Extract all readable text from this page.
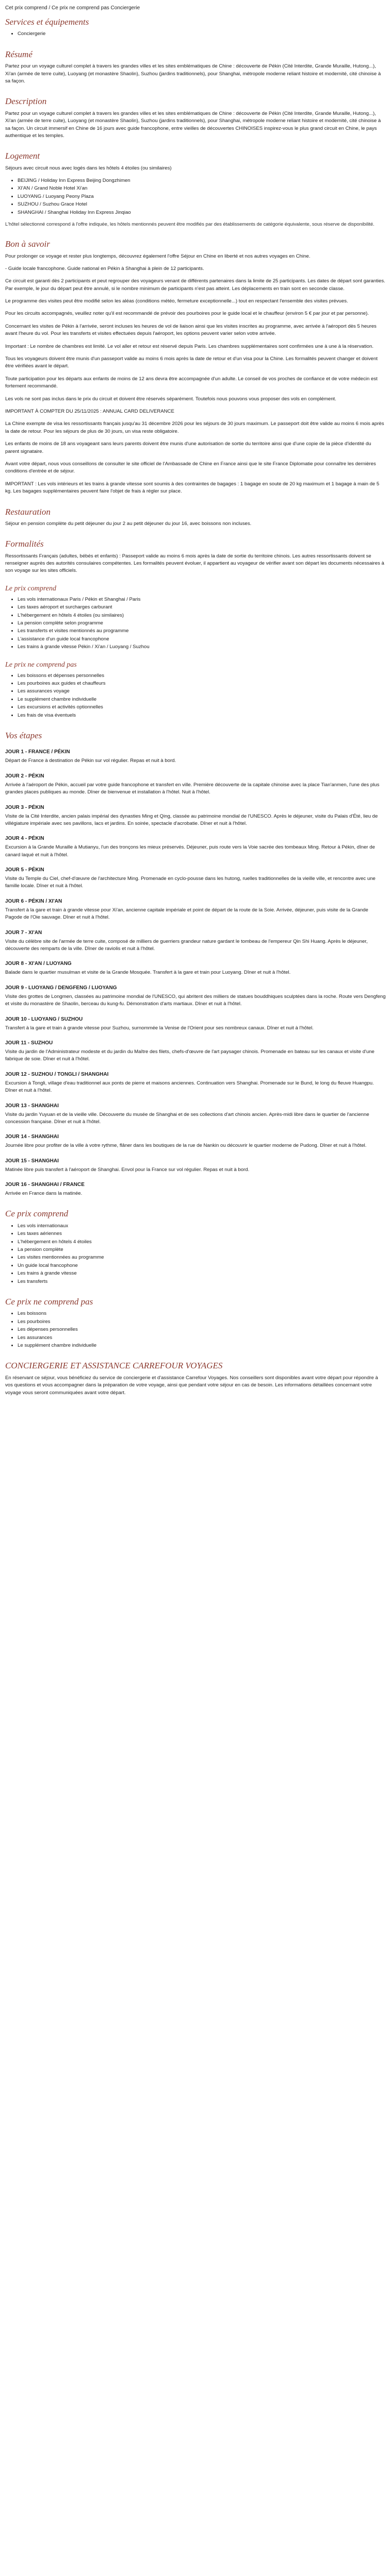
Cet prix comprend / Ce prix ne comprend pas Conciergerie

Services et équipements
• Conciergerie
Résumé

Partez pour un voyage culturel complet à travers les grandes villes et les sites emblématiques de Chine : découverte de Pékin (Cité Interdite, Grande Muraille, Hutong...), Xi'an (armée de terre cuite), Luoyang (et monastère Shaolin), Suzhou (jardins traditionnels), pour Shanghai, métropole moderne reliant histoire et modernité, cité chinoise à sa façon.

Description

Partez pour un voyage culturel complet à travers les grandes villes et les sites emblématiques de Chine : découverte de Pékin (Cité Interdite, Grande Muraille, Hutong...), Xi'an (armée de terre cuite), Luoyang (et monastère Shaolin), Suzhou (jardins traditionnels), pour Shanghai, métropole moderne reliant histoire et modernité, cité chinoise à sa façon. Un circuit immersif en Chine de 16 jours avec guide francophone, entre vieilles de découvertes CHINOISES inspirez-vous le plus grand circuit en Chine, le pays authentique et les temples.

Logement

Séjours avec circuit nous avec logés dans les hôtels 4 étoiles (ou similaires)

• BEIJING / Holiday Inn Express Beijing Dongzhimen
• XI'AN / Grand Noble Hotel Xi'an
• LUOYANG / Luoyang Peony Plaza
• SUZHOU / Suzhou Grace Hotel
• SHANGHAI / Shanghai Holiday Inn Express Jinqiao

L'hôtel sélectionné correspond à l'offre indiquée, les hôtels mentionnés peuvent être modifiés par des établissements de catégorie équivalente, sous réserve de disponibilité.

Bon à savoir

Pour prolonger ce voyage et rester plus longtemps, découvrez également l'offre Séjour en Chine en liberté et nos autres voyages en Chine.

- Guide locale francophone. Guide national en Pékin à Shanghai à plein de 12 participants.

Ce circuit est garanti dès 2 participants et peut regrouper des voyageurs venant de différents partenaires dans la limite de 25 participants. Les dates de départ sont garanties. Par exemple, le jour du départ peut être annulé, si le nombre minimum de participants n'est pas atteint. Les déplacements en train sont en seconde classe.

Le programme des visites peut être modifié selon les aléas (conditions météo, fermeture exceptionnelle...) tout en respectant l'ensemble des visites prévues.

Pour les circuits accompagnés, veuillez noter qu'il est recommandé de prévoir des pourboires pour le guide local et le chauffeur (environ 5 € par jour et par personne).

Concernant les visites de Pékin à l'arrivée, seront incluses les heures de vol de liaison ainsi que les visites inscrites au programme, avec arrivée à l'aéroport dès 5 heures avant l'heure du vol. Pour les transferts et visites effectuées depuis l'aéroport, les options peuvent varier selon votre arrivée.

Important : Le nombre de chambres est limité. Le vol aller et retour est réservé depuis Paris. Les chambres supplémentaires sont confirmées une à une à la réservation.

Tous les voyageurs doivent être munis d'un passeport valide au moins 6 mois après la date de retour et d'un visa pour la Chine. Les formalités peuvent changer et doivent être vérifiées avant le départ.

Toute participation pour les départs aux enfants de moins de 12 ans devra être accompagnée d'un adulte. Le conseil de vos proches de confiance et de votre médecin est fortement recommandé.

Les vols ne sont pas inclus dans le prix du circuit et doivent être réservés séparément. Toutefois nous pouvons vous proposer des vols en complément.

IMPORTANT À COMPTER DU 25/11/2025 : ANNUAL CARD DELIVERANCE

La Chine exempte de visa les ressortissants français jusqu'au 31 décembre 2026 pour les séjours de 30 jours maximum. Le passeport doit être valide au moins 6 mois après la date de retour. Pour les séjours de plus de 30 jours, un visa reste obligatoire.

Les enfants de moins de 18 ans voyageant sans leurs parents doivent être munis d'une autorisation de sortie du territoire ainsi que d'une copie de la pièce d'identité du parent signataire.

Avant votre départ, nous vous conseillons de consulter le site officiel de l'Ambassade de Chine en France ainsi que le site France Diplomatie pour connaître les dernières conditions d'entrée et de séjour.

IMPORTANT : Les vols intérieurs et les trains à grande vitesse sont soumis à des contraintes de bagages : 1 bagage en soute de 20 kg maximum et 1 bagage à main de 5 kg. Les bagages supplémentaires peuvent faire l'objet de frais à régler sur place.

Restauration

Séjour en pension complète du petit déjeuner du jour 2 au petit déjeuner du jour 16, avec boissons non incluses.

Formalités

Ressortissants Français (adultes, bébés et enfants) : Passeport valide au moins 6 mois après la date de sortie du territoire chinois. Les autres ressortissants doivent se renseigner auprès des autorités consulaires compétentes. Les formalités peuvent évoluer, il appartient au voyageur de vérifier avant son départ les documents nécessaires à son voyage sur les sites officiels.

Le prix comprend
• Les vols internationaux Paris / Pékin et Shanghai / Paris
• Les taxes aéroport et surcharges carburant
• L'hébergement en hôtels 4 étoiles (ou similaires)
• La pension complète selon programme
• Les transferts et visites mentionnés au programme
• L'assistance d'un guide local francophone
• Les trains à grande vitesse Pékin / Xi'an / Luoyang / Suzhou
Le prix ne comprend pas
• Les boissons et dépenses personnelles
• Les pourboires aux guides et chauffeurs
• Les assurances voyage
• Le supplément chambre individuelle
• Les excursions et activités optionnelles
• Les frais de visa éventuels
Vos étapes
JOUR 1 - FRANCE / PÉKIN

Départ de France à destination de Pékin sur vol régulier. Repas et nuit à bord.

JOUR 2 - PÉKIN

Arrivée à l'aéroport de Pékin, accueil par votre guide francophone et transfert en ville. Première découverte de la capitale chinoise avec la place Tian'anmen, l'une des plus grandes places publiques au monde. Dîner de bienvenue et installation à l'hôtel. Nuit à l'hôtel.

JOUR 3 - PÉKIN

Visite de la Cité Interdite, ancien palais impérial des dynasties Ming et Qing, classée au patrimoine mondial de l'UNESCO. Après le déjeuner, visite du Palais d'Été, lieu de villégiature impériale avec ses pavillons, lacs et jardins. En soirée, spectacle d'acrobatie. Dîner et nuit à l'hôtel.

JOUR 4 - PÉKIN

Excursion à la Grande Muraille à Mutianyu, l'un des tronçons les mieux préservés. Déjeuner, puis route vers la Voie sacrée des tombeaux Ming. Retour à Pékin, dîner de canard laqué et nuit à l'hôtel.

JOUR 5 - PÉKIN

Visite du Temple du Ciel, chef-d'œuvre de l'architecture Ming. Promenade en cyclo-pousse dans les hutong, ruelles traditionnelles de la vieille ville, et rencontre avec une famille locale. Dîner et nuit à l'hôtel.

JOUR 6 - PÉKIN / XI'AN

Transfert à la gare et train à grande vitesse pour Xi'an, ancienne capitale impériale et point de départ de la route de la Soie. Arrivée, déjeuner, puis visite de la Grande Pagode de l'Oie sauvage. Dîner et nuit à l'hôtel.

JOUR 7 - XI'AN

Visite du célèbre site de l'armée de terre cuite, composé de milliers de guerriers grandeur nature gardant le tombeau de l'empereur Qin Shi Huang. Après le déjeuner, découverte des remparts de la ville. Dîner de raviolis et nuit à l'hôtel.

JOUR 8 - XI'AN / LUOYANG

Balade dans le quartier musulman et visite de la Grande Mosquée. Transfert à la gare et train pour Luoyang. Dîner et nuit à l'hôtel.

JOUR 9 - LUOYANG / DENGFENG / LUOYANG

Visite des grottes de Longmen, classées au patrimoine mondial de l'UNESCO, qui abritent des milliers de statues bouddhiques sculptées dans la roche. Route vers Dengfeng et visite du monastère de Shaolin, berceau du kung-fu. Démonstration d'arts martiaux. Dîner et nuit à l'hôtel.

JOUR 10 - LUOYANG / SUZHOU

Transfert à la gare et train à grande vitesse pour Suzhou, surnommée la Venise de l'Orient pour ses nombreux canaux. Dîner et nuit à l'hôtel.

JOUR 11 - SUZHOU

Visite du jardin de l'Administrateur modeste et du jardin du Maître des filets, chefs-d'œuvre de l'art paysager chinois. Promenade en bateau sur les canaux et visite d'une fabrique de soie. Dîner et nuit à l'hôtel.

JOUR 12 - SUZHOU / TONGLI / SHANGHAI

Excursion à Tongli, village d'eau traditionnel aux ponts de pierre et maisons anciennes. Continuation vers Shanghai. Promenade sur le Bund, le long du fleuve Huangpu. Dîner et nuit à l'hôtel.

JOUR 13 - SHANGHAI

Visite du jardin Yuyuan et de la vieille ville. Découverte du musée de Shanghai et de ses collections d'art chinois ancien. Après-midi libre dans le quartier de l'ancienne concession française. Dîner et nuit à l'hôtel.

JOUR 14 - SHANGHAI

Journée libre pour profiter de la ville à votre rythme, flâner dans les boutiques de la rue de Nankin ou découvrir le quartier moderne de Pudong. Dîner et nuit à l'hôtel.

JOUR 15 - SHANGHAI

Matinée libre puis transfert à l'aéroport de Shanghai. Envol pour la France sur vol régulier. Repas et nuit à bord.

JOUR 16 - SHANGHAI / FRANCE

Arrivée en France dans la matinée.

Ce prix comprend
• Les vols internationaux
• Les taxes aériennes
• L'hébergement en hôtels 4 étoiles
• La pension complète
• Les visites mentionnées au programme
• Un guide local francophone
• Les trains à grande vitesse
• Les transferts
Ce prix ne comprend pas
• Les boissons
• Les pourboires
• Les dépenses personnelles
• Les assurances
• Le supplément chambre individuelle
CONCIERGERIE ET ASSISTANCE CARREFOUR VOYAGES

En réservant ce séjour, vous bénéficiez du service de conciergerie et d'assistance Carrefour Voyages. Nos conseillers sont disponibles avant votre départ pour répondre à vos questions et vous accompagner dans la préparation de votre voyage, ainsi que pendant votre séjour en cas de besoin. Les informations détaillées concernant votre voyage vous seront communiquées avant votre départ.
